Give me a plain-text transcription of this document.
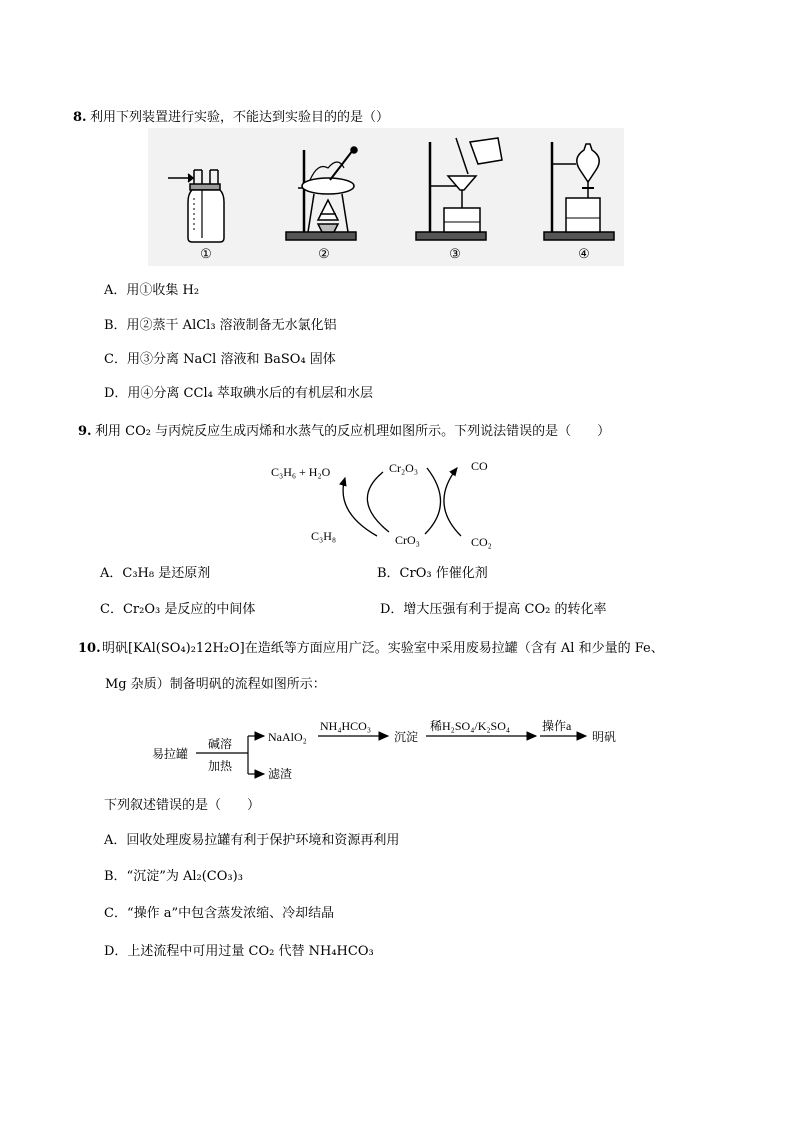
8. 利用下列装置进行实验，不能达到实验目的的是（）
①	②	③	④
A．用①收集 H₂
B．用②蒸干 AlCl₃ 溶液制备无水氯化铝
C．用③分离 NaCl 溶液和 BaSO₄ 固体
D．用④分离 CCl₄ 萃取碘水后的有机层和水层
9. 利用 CO₂ 与丙烷反应生成丙烯和水蒸气的反应机理如图所示。下列说法错误的是（　　）
C₃H₆ + H₂O	Cr₂O₃	CO
C₃H₈	CrO₃	CO₂
A．C₃H₈ 是还原剂	B．CrO₃ 作催化剂
C．Cr₂O₃ 是反应的中间体	D．增大压强有利于提高 CO₂ 的转化率
10. 明矾[KAl(SO₄)₂12H₂O]在造纸等方面应用广泛。实验室中采用废易拉罐（含有 Al 和少量的 Fe、
Mg 杂质）制备明矾的流程如图所示：
易拉罐
碱溶
加热
NaAlO₂
滤渣
NH₄HCO₃
沉淀
稀H₂SO₄/K₂SO₄	操作a
明矾
下列叙述错误的是（　　）
A．回收处理废易拉罐有利于保护环境和资源再利用
B．“沉淀”为 Al₂(CO₃)₃
C．“操作 a”中包含蒸发浓缩、冷却结晶
D．上述流程中可用过量 CO₂ 代替 NH₄HCO₃
